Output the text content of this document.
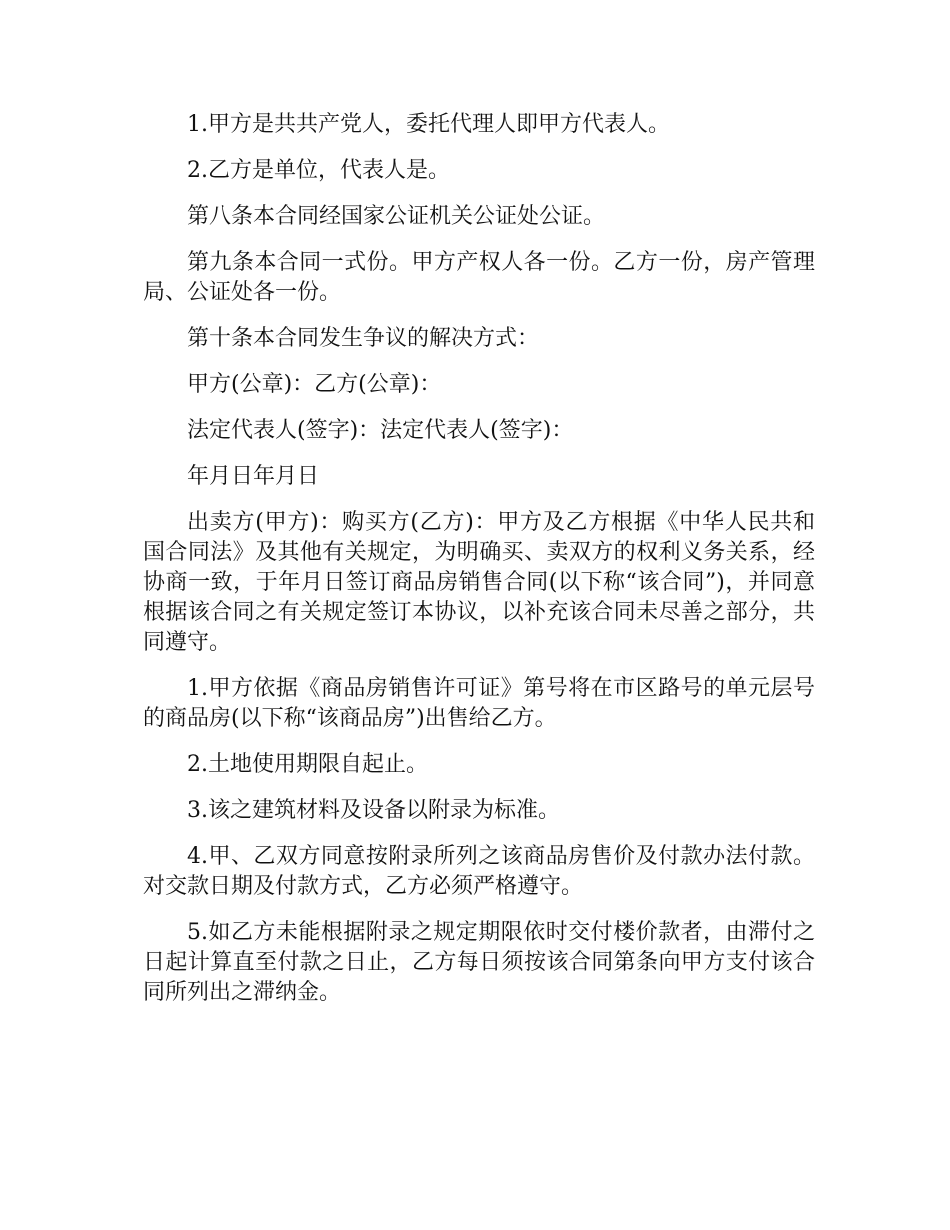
1.甲方是共共产党人，委托代理人即甲方代表人。

2.乙方是单位，代表人是。

第八条本合同经国家公证机关公证处公证。

第九条本合同一式份。甲方产权人各一份。乙方一份，房产管理局、公证处各一份。

第十条本合同发生争议的解决方式：

甲方(公章)：乙方(公章)：

法定代表人(签字)：法定代表人(签字)：

年月日年月日

出卖方(甲方)：购买方(乙方)：甲方及乙方根据《中华人民共和国合同法》及其他有关规定，为明确买、卖双方的权利义务关系，经协商一致，于年月日签订商品房销售合同(以下称“该合同”)，并同意根据该合同之有关规定签订本协议，以补充该合同未尽善之部分，共同遵守。

1.甲方依据《商品房销售许可证》第号将在市区路号的单元层号的商品房(以下称“该商品房”)出售给乙方。

2.土地使用期限自起止。

3.该之建筑材料及设备以附录为标准。

4.甲、乙双方同意按附录所列之该商品房售价及付款办法付款。对交款日期及付款方式，乙方必须严格遵守。

5.如乙方未能根据附录之规定期限依时交付楼价款者，由滞付之日起计算直至付款之日止，乙方每日须按该合同第条向甲方支付该合同所列出之滞纳金。
